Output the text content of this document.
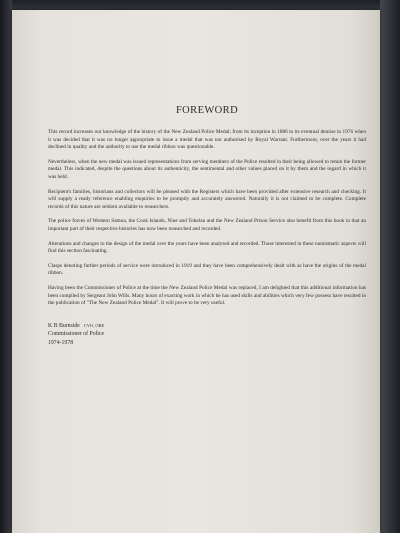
FOREWORD

This record increases our knowledge of the history of the New Zealand Police Medal; from its inception in 1886 to its eventual demise in 1976 when it was decided that it was no longer appropriate to issue a medal that was not authorised by Royal Warrant. Furthermore, over the years it had declined in quality and the authority to use the medal ribbon was questionable.

Nevertheless, when the new medal was issued representations from serving members of the Police resulted in their being allowed to retain the former medal. This indicated, despite the questions about its authenticity, the sentimental and other values placed on it by them and the regard in which it was held.

Recipient's families, historians and collectors will be pleased with the Registers which have been provided after extensive research and checking. It will supply a ready reference enabling enquiries to be promptly and accurately answered. Naturally it is not claimed to be complete. Complete records of this nature are seldom available to researchers.

The police forces of Western Samoa, the Cook Islands, Niue and Tokelau and the New Zealand Prison Service also benefit from this book in that an important part of their respective histories has now been researched and recorded.

Alterations and changes to the design of the medal over the years have been analysed and recorded. Those interested in these numismatic aspects will find this section fascinating.

Clasps denoting further periods of service were introduced in 1919 and they have been comprehensively dealt with as have the origins of the medal ribbon.

Having been the Commissioner of Police at the time the New Zealand Police Medal was replaced, I am delighted that this additional information has been compiled by Sergeant John Wills. Many hours of exacting work in which he has used skills and abilities which very few possess have resulted in the publication of "The New Zealand Police Medal". It will prove to be very useful.

K B Burnside CVO, OBE
Commissioner of Police
1974-1978
